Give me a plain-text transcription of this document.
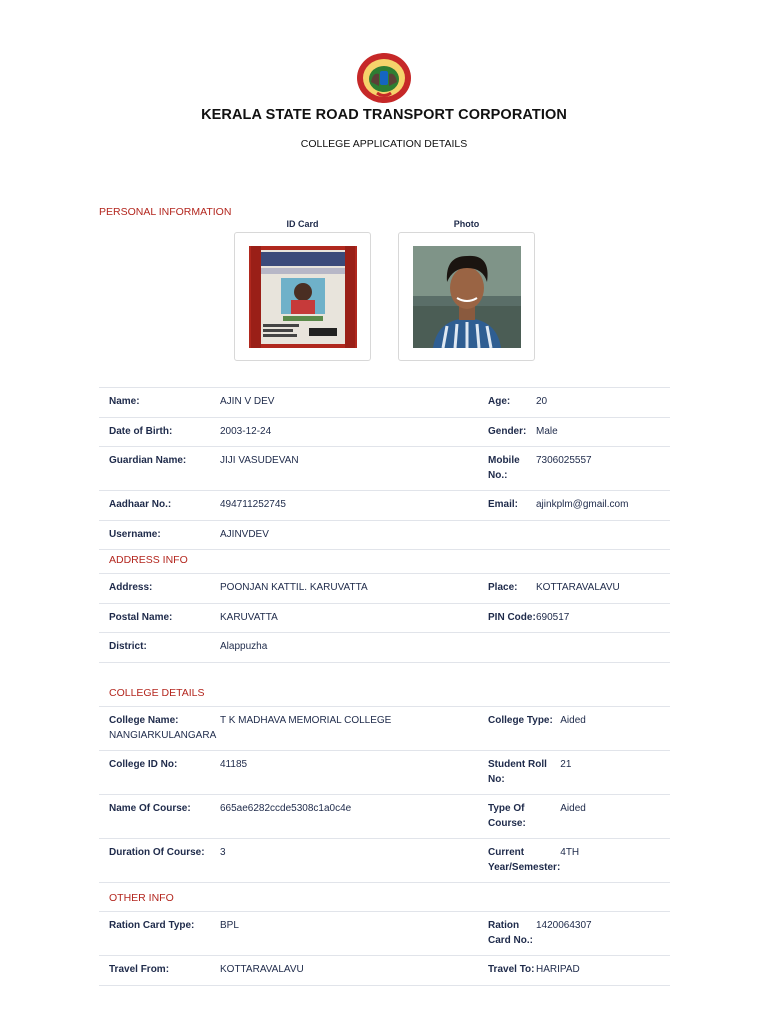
KERALA STATE ROAD TRANSPORT CORPORATION
COLLEGE APPLICATION DETAILS
PERSONAL INFORMATION
ID Card	Photo
Name:	AJIN V DEV	Age:	20
Date of Birth:	2003-12-24	Gender:	Male
Guardian Name:	JIJI VASUDEVAN	Mobile No.:	7306025557
Aadhaar No.:	494711252745	Email:	ajinkplm@gmail.com
Username:	AJINVDEV		
ADDRESS INFO
Address:	POONJAN KATTIL. KARUVATTA	Place:	KOTTARAVALAVU
Postal Name:	KARUVATTA	PIN Code:	690517
District:	Alappuzha		
COLLEGE DETAILS
College Name: T K MADHAVA MEMORIAL COLLEGE NANGIARKULANGARA		College Type:	Aided
College ID No:	41185	Student Roll No:	21
Name Of Course:	665ae6282ccde5308c1a0c4e	Type Of Course:	Aided
Duration Of Course:	3	Current Year/Semester:	4TH
OTHER INFO
Ration Card Type:	BPL	Ration Card No.:	1420064307
Travel From:	KOTTARAVALAVU	Travel To:	HARIPAD
